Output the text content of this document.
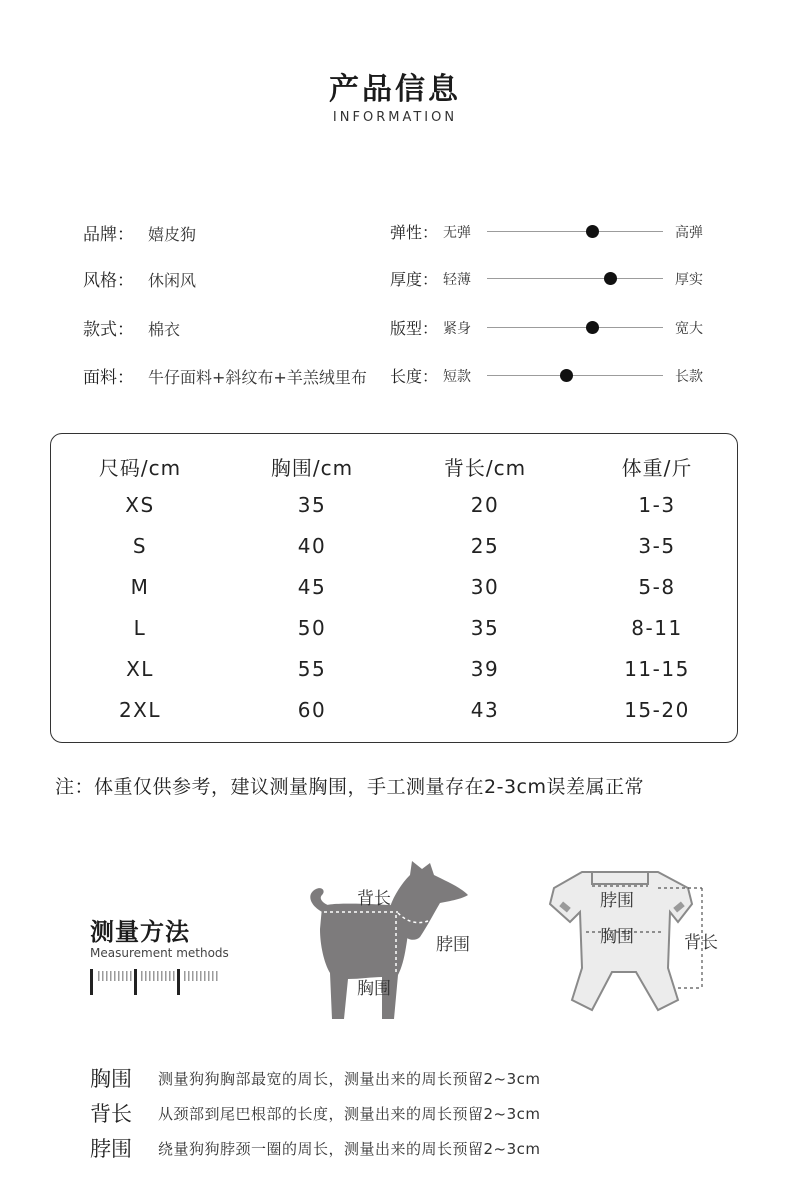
产品信息
INFORMATION
品牌： 嬉皮狗
风格： 休闲风
款式： 棉衣
面料： 牛仔面料+斜纹布+羊羔绒里布
弹性： 无弹	高弹
厚度： 轻薄	厚实
版型： 紧身	宽大
长度： 短款	长款
尺码/cm	胸围/cm	背长/cm	体重/斤
XS	35	20	1-3
S	40	25	3-5
M	45	30	5-8
L	50	35	8-11
XL	55	39	11-15
2XL	60	43	15-20
注：体重仅供参考，建议测量胸围，手工测量存在2-3cm误差属正常
测量方法
Measurement methods
背长
脖围
胸围
脖围
胸围	背长
胸围 测量狗狗胸部最宽的周长，测量出来的周长预留2~3cm
背长 从颈部到尾巴根部的长度，测量出来的周长预留2~3cm
脖围 绕量狗狗脖颈一圈的周长，测量出来的周长预留2~3cm
